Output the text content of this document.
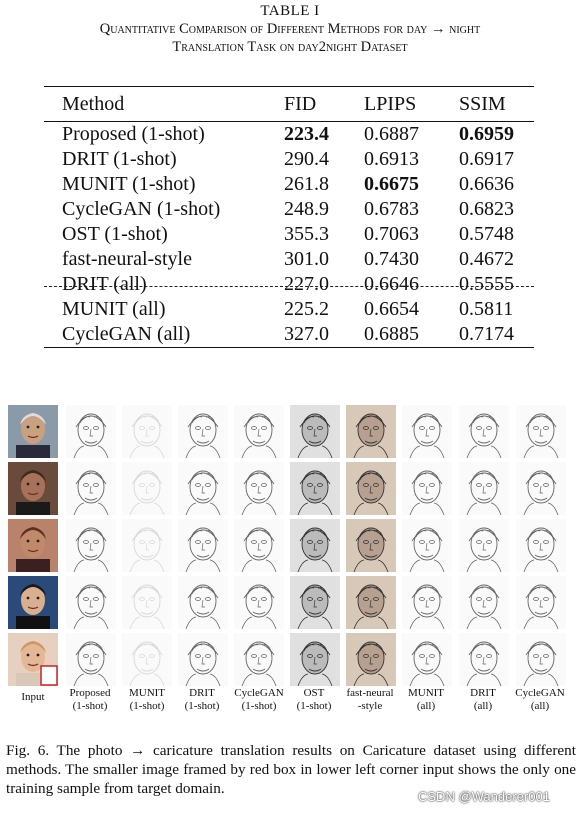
TABLE I
Quantitative Comparison of Different Methods for day → night
Translation Task on day2night Dataset
Method	FID	LPIPS	SSIM
Proposed (1-shot)	223.4	0.6887	0.6959
DRIT (1-shot)	290.4	0.6913	0.6917
MUNIT (1-shot)	261.8	0.6675	0.6636
CycleGAN (1-shot)	248.9	0.6783	0.6823
OST (1-shot)	355.3	0.7063	0.5748
fast-neural-style	301.0	0.7430	0.4672
DRIT (all)	227.0	0.6646	0.5555
MUNIT (all)	225.2	0.6654	0.5811
CycleGAN (all)	327.0	0.6885	0.7174
Input	Proposed
(1-shot)
MUNIT
(1-shot)
DRIT
(1-shot)
CycleGAN
(1-shot)
OST
(1-shot)
fast-neural
-style
MUNIT
(all)
DRIT
(all)
CycleGAN
(all)
Fig. 6. The photo → caricature translation results on Caricature dataset using different methods. The smaller image framed by red box in lower left corner input shows the only one training sample from target domain.	CSDN @Wanderer001
